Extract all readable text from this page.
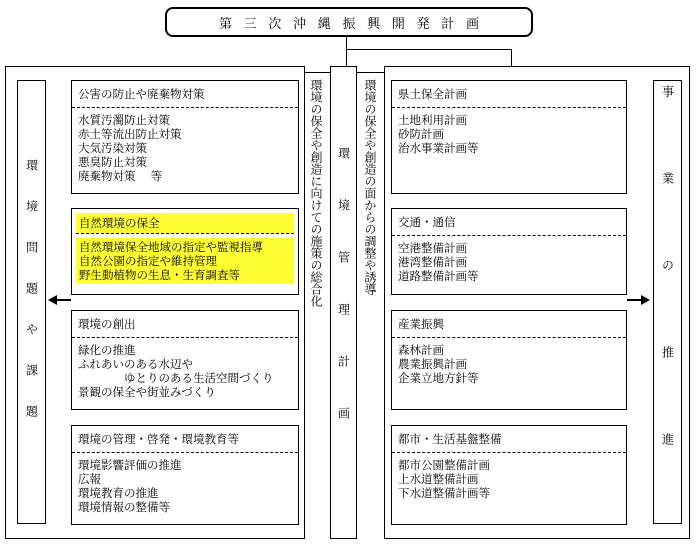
第三次沖縄振興開発計画
環境問題や課題	事業の推進
環境管理計画
環境の保全や創造に向けての施策の総合化	環境の保全や創造の面からの調整や誘導
公害の防止や廃棄物対策
水質汚濁防止対策
赤土等流出防止対策
大気汚染対策
悪臭防止対策
廃棄物対策　 等
自然環境の保全
自然環境保全地域の指定や監視指導
自然公園の指定や維持管理
野生動植物の生息・生育調査等
環境の創出
緑化の推進
ふれあいのある水辺や
　　　　ゆとりのある生活空間づくり
景観の保全や街並みづくり
環境の管理・啓発・環境教育等
環境影響評価の推進
広報
環境教育の推進
環境情報の整備等
県土保全計画
土地利用計画
砂防計画
治水事業計画等
交通・通信
空港整備計画
港湾整備計画
道路整備計画等
産業振興
森林計画
農業振興計画
企業立地方針等
都市・生活基盤整備
都市公園整備計画
上水道整備計画
下水道整備計画等
